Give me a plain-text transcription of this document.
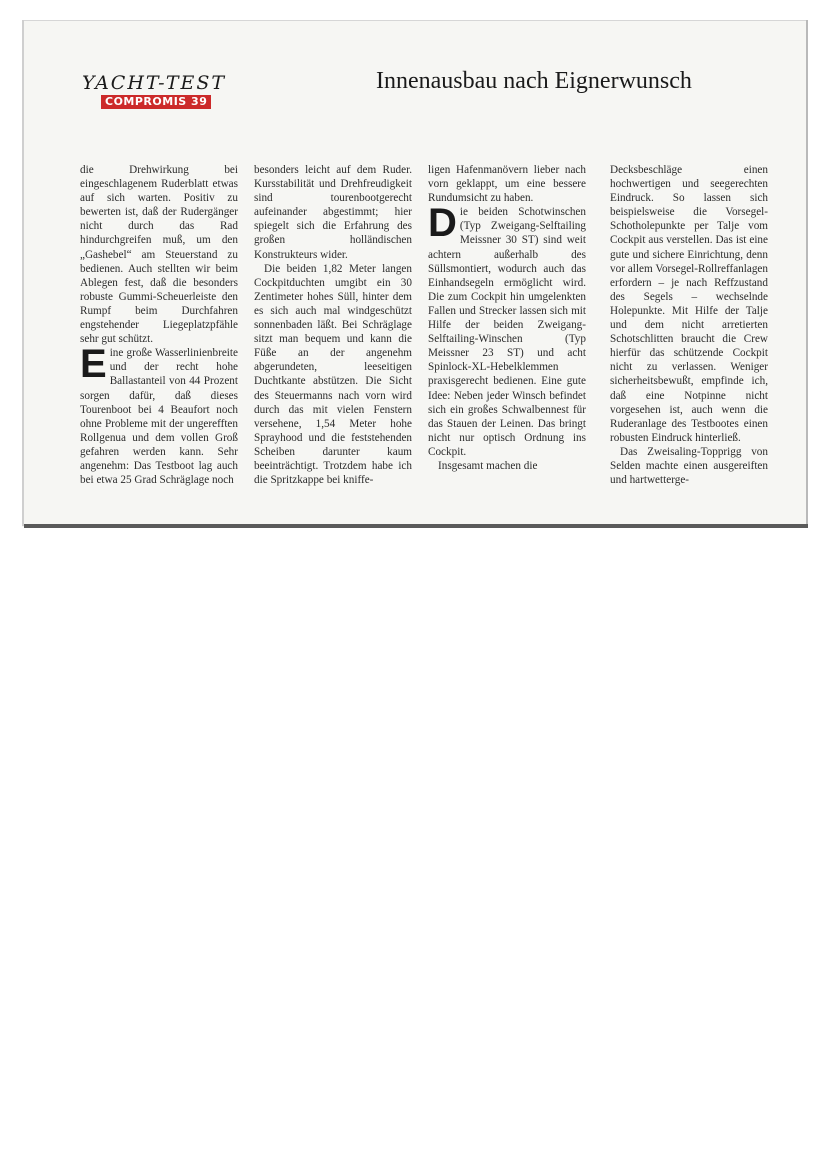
YACHT-TEST
COMPROMIS 39
Innenausbau nach Eignerwunsch

die Drehwirkung bei eingeschlagenem Ruderblatt etwas auf sich warten. Positiv zu bewerten ist, daß der Rudergänger nicht durch das Rad hindurchgreifen muß, um den „Gashebel“ am Steuerstand zu bedienen. Auch stellten wir beim Ablegen fest, daß die besonders robuste Gummi-Scheuerleiste den Rumpf beim Durchfahren engstehender Liegeplatzpfähle sehr gut schützt.

Eine große Wasserlinienbreite und der recht hohe Ballastanteil von 44 Prozent sorgen dafür, daß dieses Tourenboot bei 4 Beaufort noch ohne Probleme mit der ungerefften Rollgenua und dem vollen Groß gefahren werden kann. Sehr angenehm: Das Testboot lag auch bei etwa 25 Grad Schräglage noch

besonders leicht auf dem Ruder. Kursstabilität und Drehfreudigkeit sind tourenbootgerecht aufeinander abgestimmt; hier spiegelt sich die Erfahrung des großen holländischen Konstrukteurs wider.

Die beiden 1,82 Meter langen Cockpitduchten umgibt ein 30 Zentimeter hohes Süll, hinter dem es sich auch mal windgeschützt sonnenbaden läßt. Bei Schräglage sitzt man bequem und kann die Füße an der angenehm abgerundeten, leeseitigen Duchtkante abstützen. Die Sicht des Steuermanns nach vorn wird durch das mit vielen Fenstern versehene, 1,54 Meter hohe Sprayhood und die feststehenden Scheiben darunter kaum beeinträchtigt. Trotzdem habe ich die Spritzkappe bei kniffe-

ligen Hafenmanövern lieber nach vorn geklappt, um eine bessere Rundumsicht zu haben.

Die beiden Schotwinschen (Typ Zweigang-Selftailing Meissner 30 ST) sind weit achtern außerhalb des Süllsmontiert, wodurch auch das Einhandsegeln ermöglicht wird. Die zum Cockpit hin umgelenkten Fallen und Strecker lassen sich mit Hilfe der beiden Zweigang-Selftailing-Winschen (Typ Meissner 23 ST) und acht Spinlock-XL-Hebelklemmen praxisgerecht bedienen. Eine gute Idee: Neben jeder Winsch befindet sich ein großes Schwalbennest für das Stauen der Leinen. Das bringt nicht nur optisch Ordnung ins Cockpit.

Insgesamt machen die

Decksbeschläge einen hochwertigen und seegerechten Eindruck. So lassen sich beispielsweise die Vorsegel-Schotholepunkte per Talje vom Cockpit aus verstellen. Das ist eine gute und sichere Einrichtung, denn vor allem Vorsegel-Rollreffanlagen erfordern – je nach Reffzustand des Segels – wechselnde Holepunkte. Mit Hilfe der Talje und dem nicht arretierten Schotschlitten braucht die Crew hierfür das schützende Cockpit nicht zu verlassen. Weniger sicherheitsbewußt, empfinde ich, daß eine Notpinne nicht vorgesehen ist, auch wenn die Ruderanlage des Testbootes einen robusten Eindruck hinterließ.

Das Zweisaling-Topprigg von Selden machte einen ausgereiften und hartwetterge-
